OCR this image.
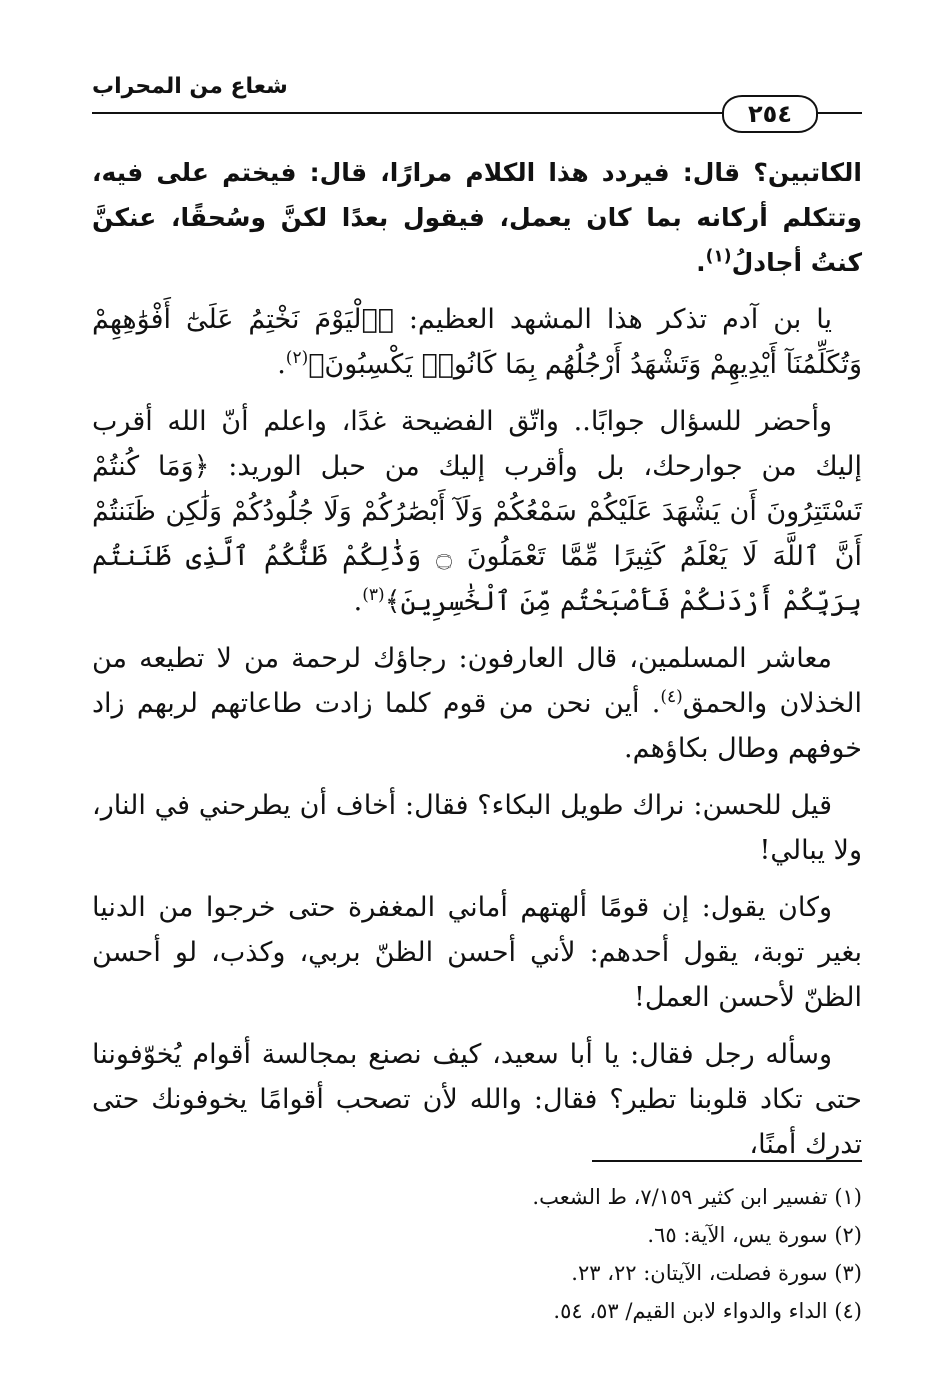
شعاع من المحراب
٢٥٤

الكاتبين؟ قال: فيردد هذا الكلام مرارًا، قال: فيختم على فيه، وتتكلم أركانه بما كان يعمل، فيقول بعدًا لكنَّ وسُحقًا، عنكنَّ كنتُ أجادلُ$^{(١)}$.

يا بن آدم تذكر هذا المشهد العظيم: ﴿ٱلْيَوْمَ نَخْتِمُ عَلَىٰٓ أَفْوَٰهِهِمْ وَتُكَلِّمُنَآ أَيْدِيهِمْ وَتَشْهَدُ أَرْجُلُهُم بِمَا كَانُوا۟ يَكْسِبُونَ﴾$^{(٢)}$.

وأحضر للسؤال جوابًا.. واتّق الفضيحة غدًا، واعلم أنّ الله أقرب إليك من جوارحك، بل وأقرب إليك من حبل الوريد: ﴿وَمَا كُنتُمْ تَسْتَتِرُونَ أَن يَشْهَدَ عَلَيْكُمْ سَمْعُكُمْ وَلَآ أَبْصَٰرُكُمْ وَلَا جُلُودُكُمْ وَلَٰكِن ظَنَنتُمْ أَنَّ ٱللَّهَ لَا يَعْلَمُ كَثِيرًا مِّمَّا تَعْمَلُونَ ۝ وَذَٰلِكُمْ ظَنُّكُمُ ٱلَّذِى ظَنَنتُم بِرَبِّكُمْ أَرْدَىٰكُمْ فَأَصْبَحْتُم مِّنَ ٱلْخَٰسِرِينَ﴾$^{(٣)}$.

معاشر المسلمين، قال العارفون: رجاؤك لرحمة من لا تطيعه من الخذلان والحمق$^{(٤)}$. أين نحن من قوم كلما زادت طاعاتهم لربهم زاد خوفهم وطال بكاؤهم.

قيل للحسن: نراك طويل البكاء؟ فقال: أخاف أن يطرحني في النار، ولا يبالي!

وكان يقول: إن قومًا ألهتهم أماني المغفرة حتى خرجوا من الدنيا بغير توبة، يقول أحدهم: لأني أحسن الظنّ بربي، وكذب، لو أحسن الظنّ لأحسن العمل!

وسأله رجل فقال: يا أبا سعيد، كيف نصنع بمجالسة أقوام يُخوّفوننا حتى تكاد قلوبنا تطير؟ فقال: والله لأن تصحب أقوامًا يخوفونك حتى تدرك أمنًا،

(١) تفسير ابن كثير ٧/١٥٩، ط الشعب.

(٢) سورة يس، الآية: ٦٥.

(٣) سورة فصلت، الآيتان: ٢٢، ٢٣.

(٤) الداء والدواء لابن القيم/ ٥٣، ٥٤.
